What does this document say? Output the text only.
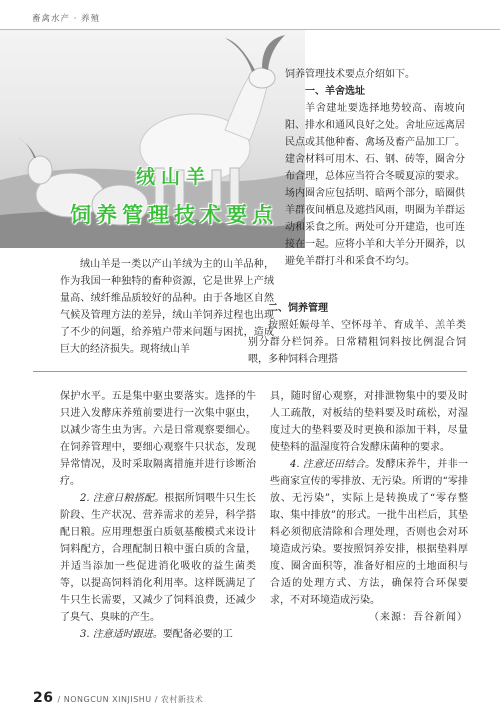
畜禽水产 · 养殖
绒山羊
饲养管理技术要点

绒山羊是一类以产山羊绒为主的山羊品种，作为我国一种独特的畜种资源，它是世界上产绒量高、绒纤维品质较好的品种。由于各地区自然气候及管理方法的差异，绒山羊饲养过程也出现了不少的问题，给养殖户带来问题与困扰，造成巨大的经济损失。现将绒山羊

饲养管理技术要点介绍如下。

一、羊舍选址

羊舍建址要选择地势较高、南坡向阳、排水和通风良好之处。舍址应远离居民点或其他种畜、禽场及畜产品加工厂。建舍材料可用木、石、钢、砖等，圈舍分布合理，总体应当符合冬暖夏凉的要求。场内圈舍应包括明、暗两个部分，暗圈供羊群夜间栖息及遮挡风雨，明圈为羊群运动和采食之所。两处可分开建造，也可连接在一起。应将小羊和大羊分开圈养，以避免羊群打斗和采食不均匀。

二、饲养管理

按照妊娠母羊、空怀母羊、育成羊、羔羊类别分群分栏饲养。日常精粗饲料按比例混合饲喂，多种饲料合理搭

保护水平。五是集中驱虫要落实。选择的牛只进入发酵床养殖前要进行一次集中驱虫，以减少寄生虫为害。六是日常观察要细心。在饲养管理中，要细心观察牛只状态，发现异常情况，及时采取隔离措施并进行诊断治疗。

2. 注意日粮搭配。根据所饲喂牛只生长阶段、生产状况、营养需求的差异，科学搭配日粮。应用理想蛋白质氨基酸模式来设计饲料配方，合理配制日粮中蛋白质的含量，并适当添加一些促进消化吸收的益生菌类等，以提高饲料消化利用率。这样既满足了牛只生长需要，又减少了饲料浪费，还减少了臭气、臭味的产生。

3. 注意适时跟进。要配备必要的工

具，随时留心观察，对排泄物集中的要及时人工疏散，对板结的垫料要及时疏松，对湿度过大的垫料要及时更换和添加干料，尽量使垫料的温湿度符合发酵床菌种的要求。

4. 注意还田结合。发酵床养牛，并非一些商家宣传的零排放、无污染。所谓的“零排放、无污染”，实际上是转换成了“零存整取、集中排放”的形式。一批牛出栏后，其垫料必须彻底清除和合理处理，否则也会对环境造成污染。要按照饲养安排，根据垫料厚度、圈舍面积等，准备好相应的土地面积与合适的处理方式、方法，确保符合环保要求，不对环境造成污染。

（来源：吾谷新闻）

26 / NONGCUN XINJISHU / 农村新技术
